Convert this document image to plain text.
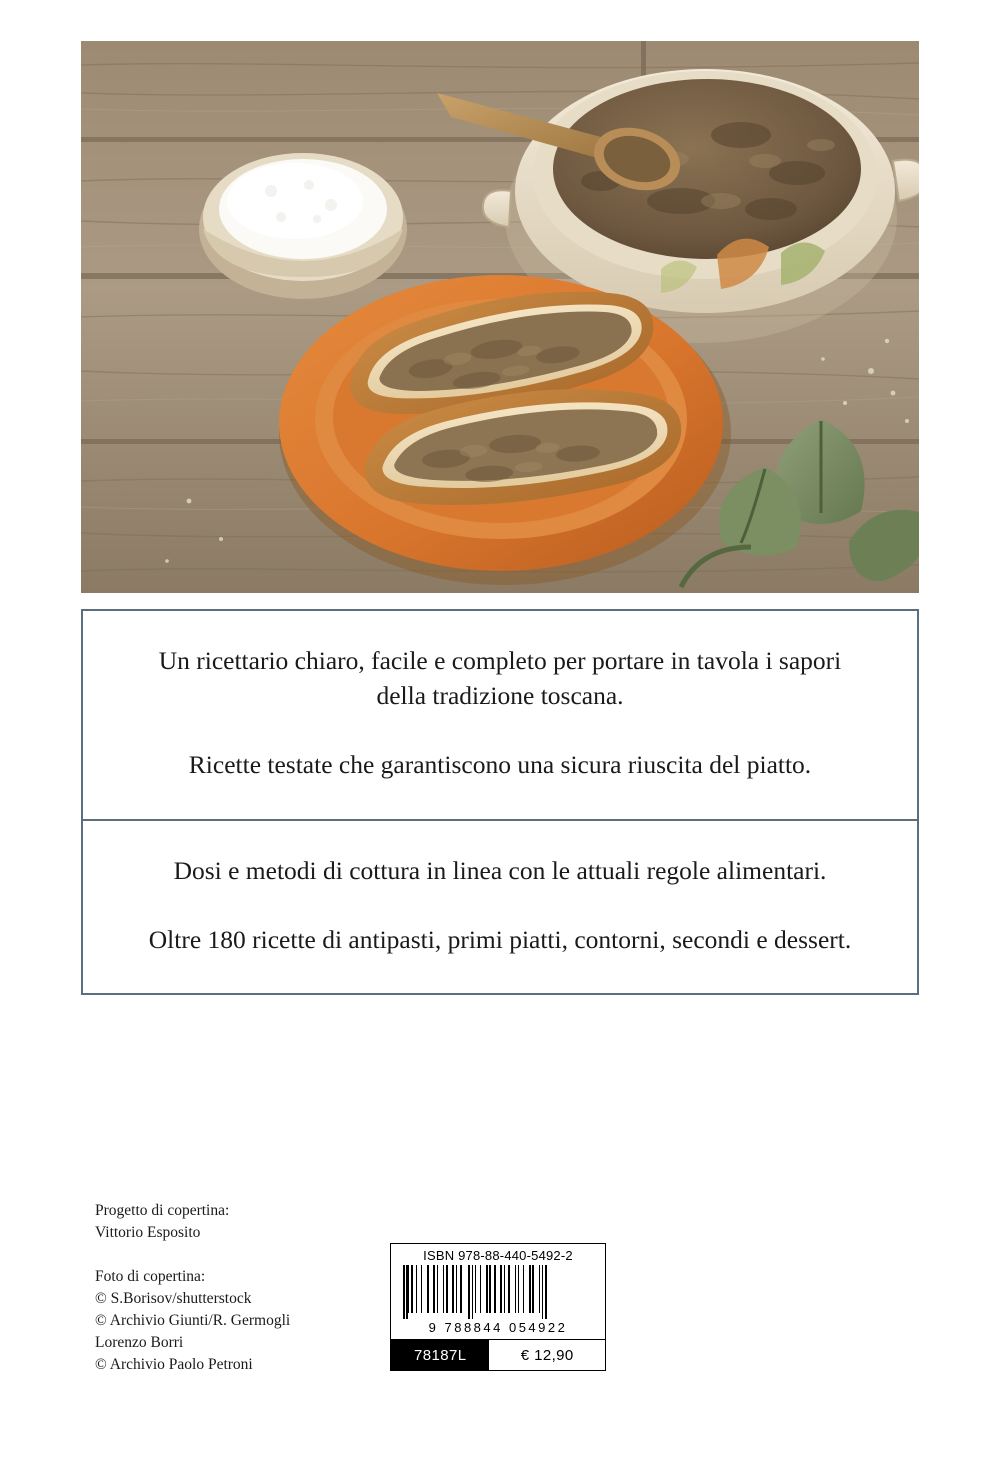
Un ricettario chiaro, facile e completo per portare in tavola i sapori della tradizione toscana.

Ricette testate che garantiscono una sicura riuscita del piatto.

Dosi e metodi di cottura in linea con le attuali regole alimentari.

Oltre 180 ricette di antipasti, primi piatti, contorni, secondi e dessert.

Progetto di copertina:
Vittorio Esposito
Foto di copertina:
© S.Borisov/shutterstock
© Archivio Giunti/R. Germogli
Lorenzo Borri
© Archivio Paolo Petroni
ISBN 978-88-440-5492-2
9 788844 054922
78187L	€ 12,90
